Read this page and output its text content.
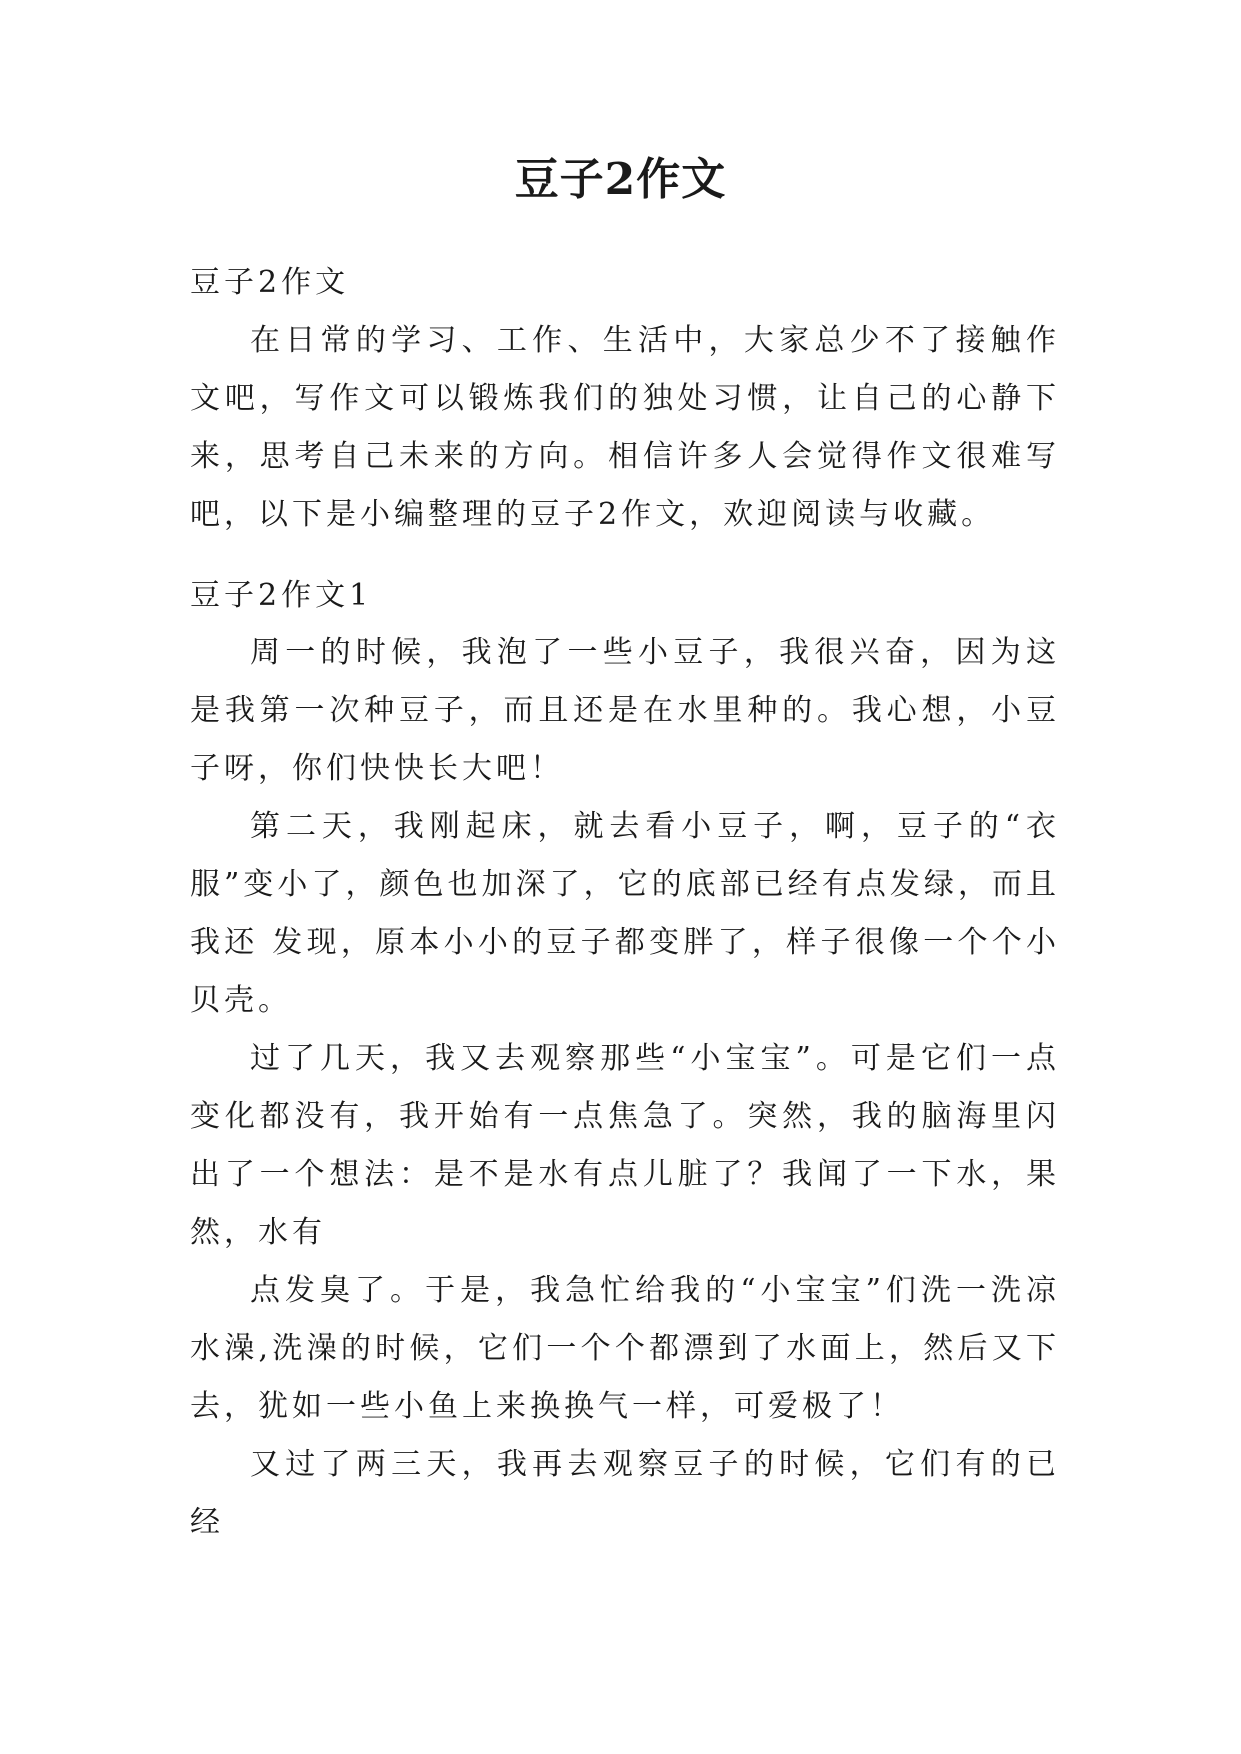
豆子2作文
豆子2作文

在日常的学习、工作、生活中，大家总少不了接触作文吧，写作文可以锻炼我们的独处习惯，让自己的心静下来，思考自己未来的方向。相信许多人会觉得作文很难写吧，以下是小编整理的豆子2作文，欢迎阅读与收藏。

豆子2作文1

周一的时候，我泡了一些小豆子，我很兴奋，因为这是我第一次种豆子，而且还是在水里种的。我心想，小豆子呀，你们快快长大吧！

第二天，我刚起床，就去看小豆子，啊，豆子的“衣服”变小了，颜色也加深了，它的底部已经有点发绿，而且我还 发现，原本小小的豆子都变胖了，样子很像一个个小贝壳。

过了几天，我又去观察那些“小宝宝”。可是它们一点变化都没有，我开始有一点焦急了。突然，我的脑海里闪出了一个想法：是不是水有点儿脏了？我闻了一下水，果然，水有

点发臭了。于是，我急忙给我的“小宝宝”们洗一洗凉水澡,洗澡的时候，它们一个个都漂到了水面上，然后又下去，犹如一些小鱼上来换换气一样，可爱极了！

又过了两三天，我再去观察豆子的时候，它们有的已经
